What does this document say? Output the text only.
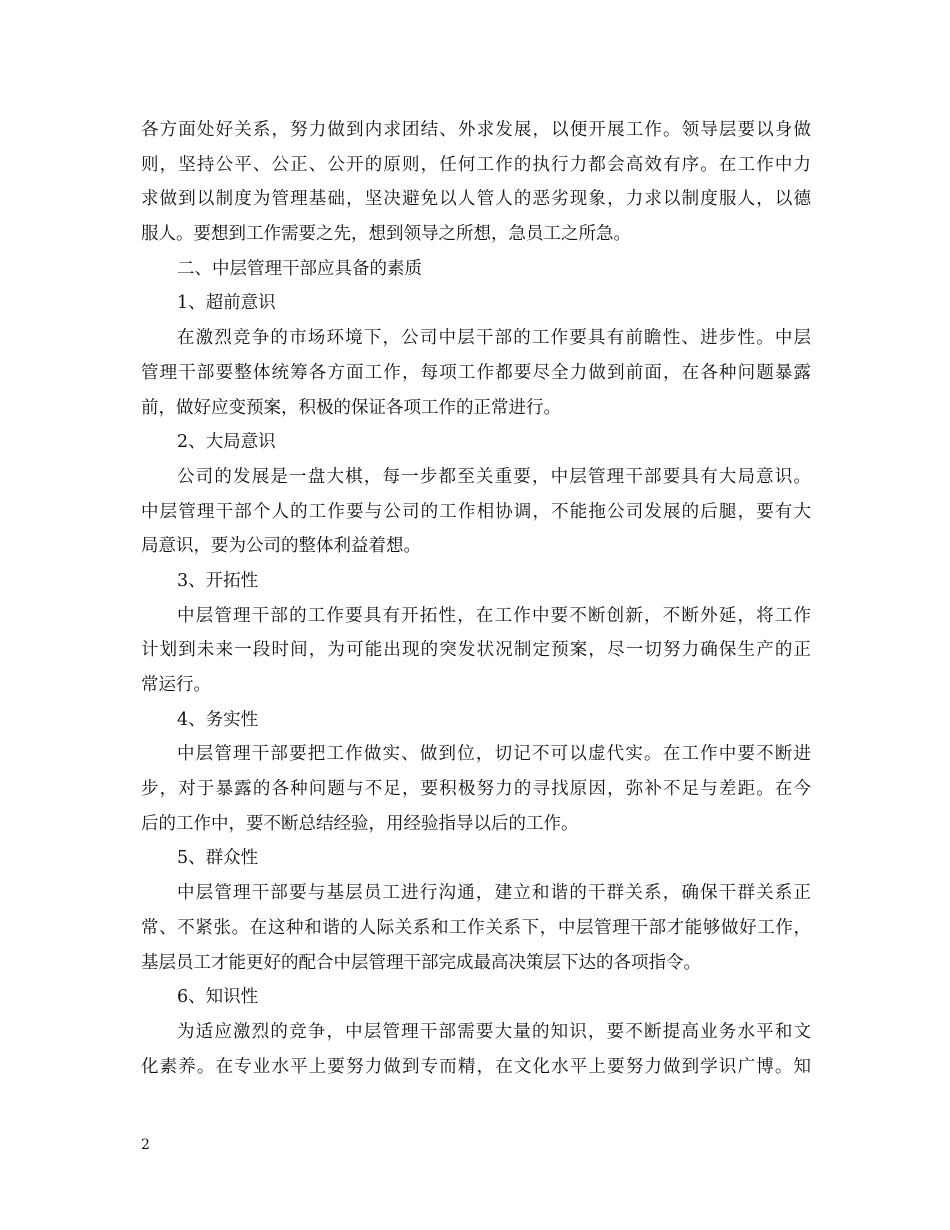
各方面处好关系，努力做到内求团结、外求发展，以便开展工作。领导层要以身做
则，坚持公平、公正、公开的原则，任何工作的执行力都会高效有序。在工作中力
求做到以制度为管理基础，坚决避免以人管人的恶劣现象，力求以制度服人，以德
服人。要想到工作需要之先，想到领导之所想，急员工之所急。
二、中层管理干部应具备的素质
1、超前意识
在激烈竞争的市场环境下，公司中层干部的工作要具有前瞻性、进步性。中层
管理干部要整体统筹各方面工作，每项工作都要尽全力做到前面，在各种问题暴露
前，做好应变预案，积极的保证各项工作的正常进行。
2、大局意识
公司的发展是一盘大棋，每一步都至关重要，中层管理干部要具有大局意识。
中层管理干部个人的工作要与公司的工作相协调，不能拖公司发展的后腿，要有大
局意识，要为公司的整体利益着想。
3、开拓性
中层管理干部的工作要具有开拓性，在工作中要不断创新，不断外延，将工作
计划到未来一段时间，为可能出现的突发状况制定预案，尽一切努力确保生产的正
常运行。
4、务实性
中层管理干部要把工作做实、做到位，切记不可以虚代实。在工作中要不断进
步，对于暴露的各种问题与不足，要积极努力的寻找原因，弥补不足与差距。在今
后的工作中，要不断总结经验，用经验指导以后的工作。
5、群众性
中层管理干部要与基层员工进行沟通，建立和谐的干群关系，确保干群关系正
常、不紧张。在这种和谐的人际关系和工作关系下，中层管理干部才能够做好工作，
基层员工才能更好的配合中层管理干部完成最高决策层下达的各项指令。
6、知识性
为适应激烈的竞争，中层管理干部需要大量的知识，要不断提高业务水平和文
化素养。在专业水平上要努力做到专而精，在文化水平上要努力做到学识广博。知
2
